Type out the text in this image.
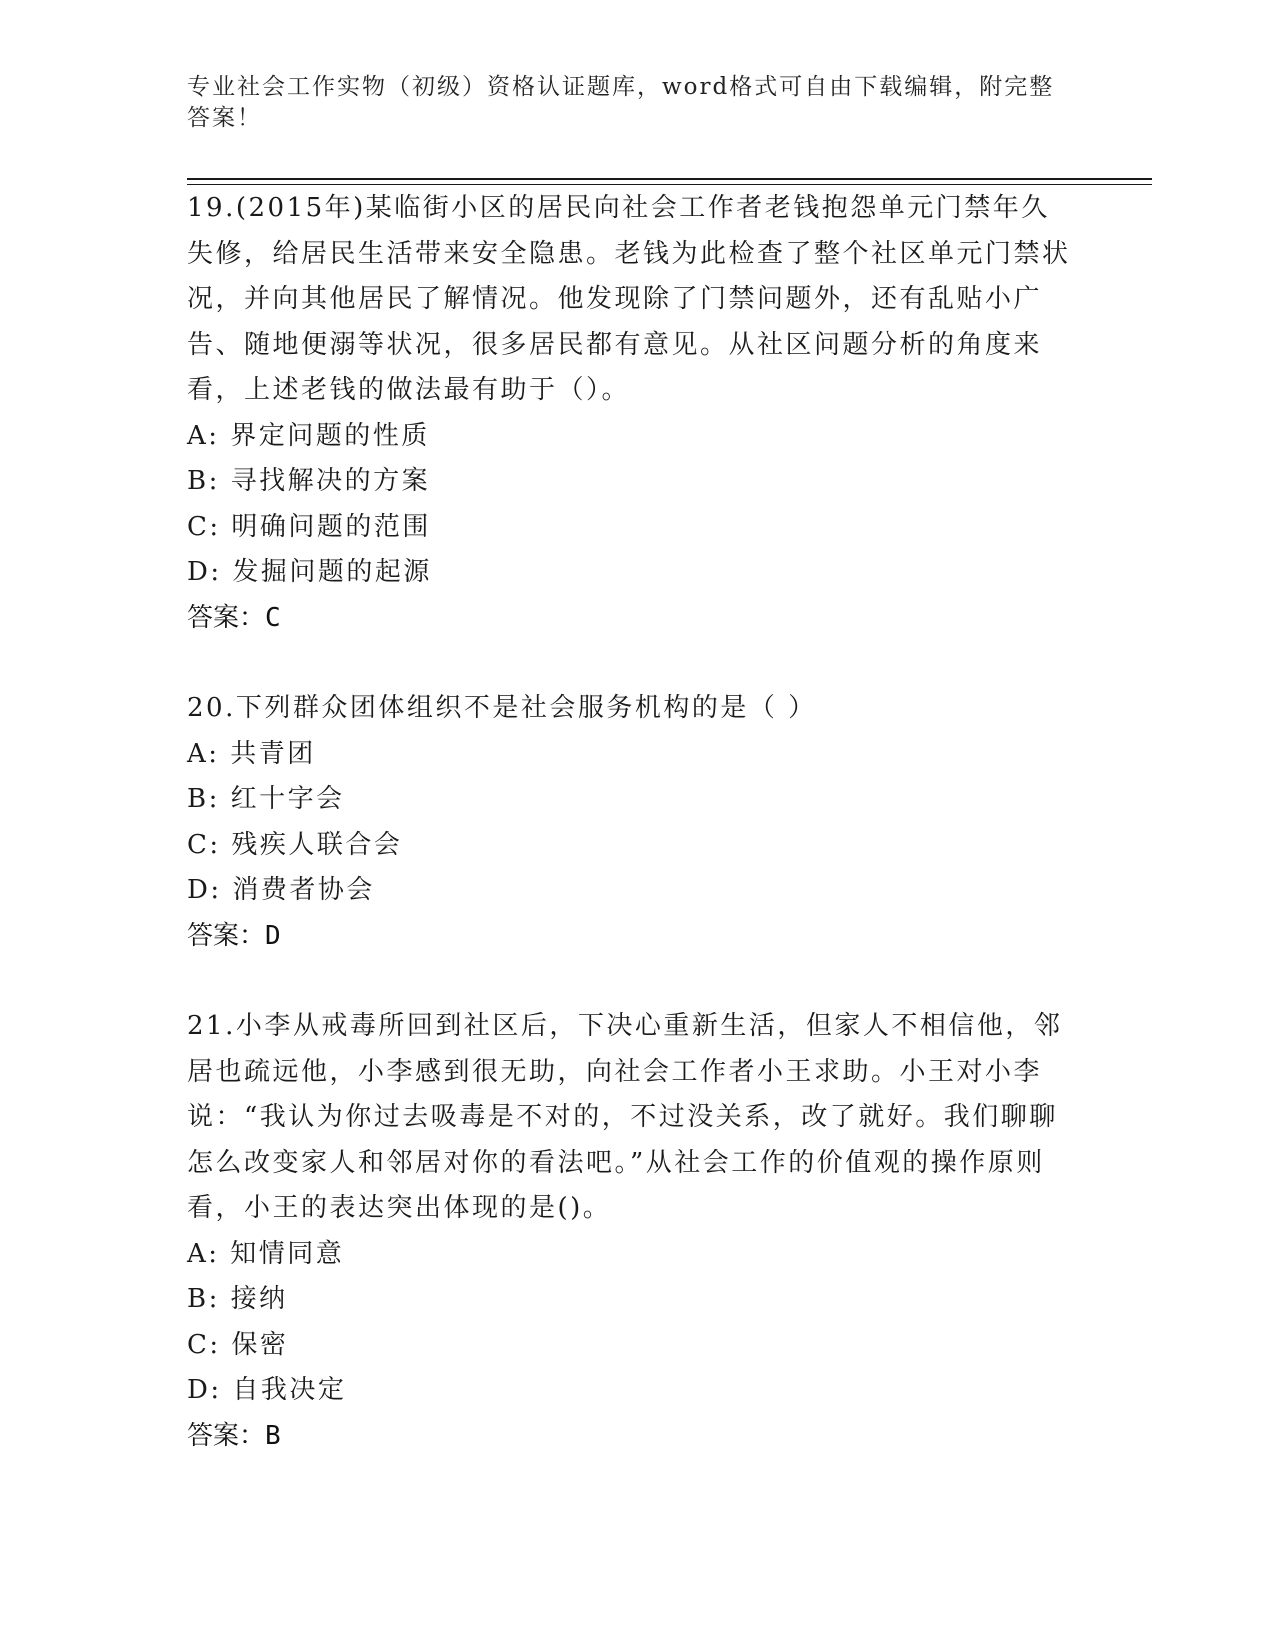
专业社会工作实物（初级）资格认证题库，word格式可自由下载编辑，附完整答案！

19.(2015年)某临街小区的居民向社会工作者老钱抱怨单元门禁年久失修，给居民生活带来安全隐患。老钱为此检查了整个社区单元门禁状况，并向其他居民了解情况。他发现除了门禁问题外，还有乱贴小广告、随地便溺等状况，很多居民都有意见。从社区问题分析的角度来看，上述老钱的做法最有助于（）。

A: 界定问题的性质

B: 寻找解决的方案

C: 明确问题的范围

D: 发掘问题的起源

答案：C

20.下列群众团体组织不是社会服务机构的是（ ）

A: 共青团

B: 红十字会

C: 残疾人联合会

D: 消费者协会

答案：D

21.小李从戒毒所回到社区后，下决心重新生活，但家人不相信他，邻居也疏远他，小李感到很无助，向社会工作者小王求助。小王对小李说：“我认为你过去吸毒是不对的，不过没关系，改了就好。我们聊聊怎么改变家人和邻居对你的看法吧。”从社会工作的价值观的操作原则看，小王的表达突出体现的是()。

A: 知情同意

B: 接纳

C: 保密

D: 自我决定

答案：B
